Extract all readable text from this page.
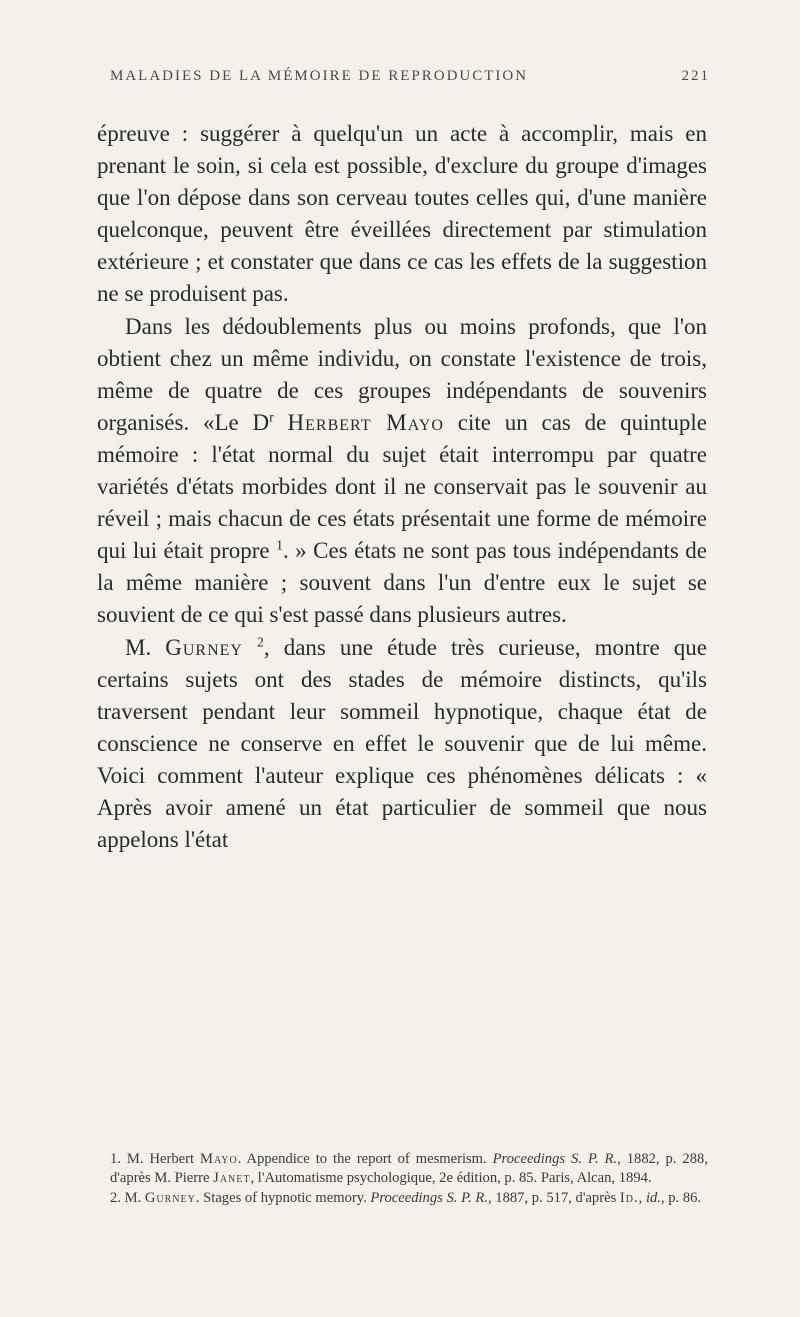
MALADIES DE LA MÉMOIRE DE REPRODUCTION	221

épreuve : suggérer à quelqu'un un acte à accomplir, mais en prenant le soin, si cela est possible, d'exclure du groupe d'images que l'on dépose dans son cerveau toutes celles qui, d'une manière quelconque, peuvent être éveillées directement par stimulation extérieure ; et constater que dans ce cas les effets de la suggestion ne se produisent pas.

Dans les dédoublements plus ou moins profonds, que l'on obtient chez un même individu, on constate l'existence de trois, même de quatre de ces groupes indépendants de souvenirs organisés. «Le $D^r$ Herbert Mayo cite un cas de quintuple mémoire : l'état normal du sujet était interrompu par quatre variétés d'états morbides dont il ne conservait pas le souvenir au réveil ; mais chacun de ces états présentait une forme de mémoire qui lui était propre $^1$. » Ces états ne sont pas tous indépendants de la même manière ; souvent dans l'un d'entre eux le sujet se souvient de ce qui s'est passé dans plusieurs autres.

M. Gurney $^2$, dans une étude très curieuse, montre que certains sujets ont des stades de mémoire distincts, qu'ils traversent pendant leur sommeil hypnotique, chaque état de conscience ne conserve en effet le souvenir que de lui même. Voici comment l'auteur explique ces phénomènes délicats : « Après avoir amené un état particulier de sommeil que nous appelons l'état

1. M. Herbert Mayo. Appendice to the report of mesmerism. Proceedings S. P. R., 1882, p. 288, d'après M. Pierre Janet, l'Automatisme psychologique, 2e édition, p. 85. Paris, Alcan, 1894.

2. M. Gurney. Stages of hypnotic memory. Proceedings S. P. R., 1887, p. 517, d'après Id., id., p. 86.
